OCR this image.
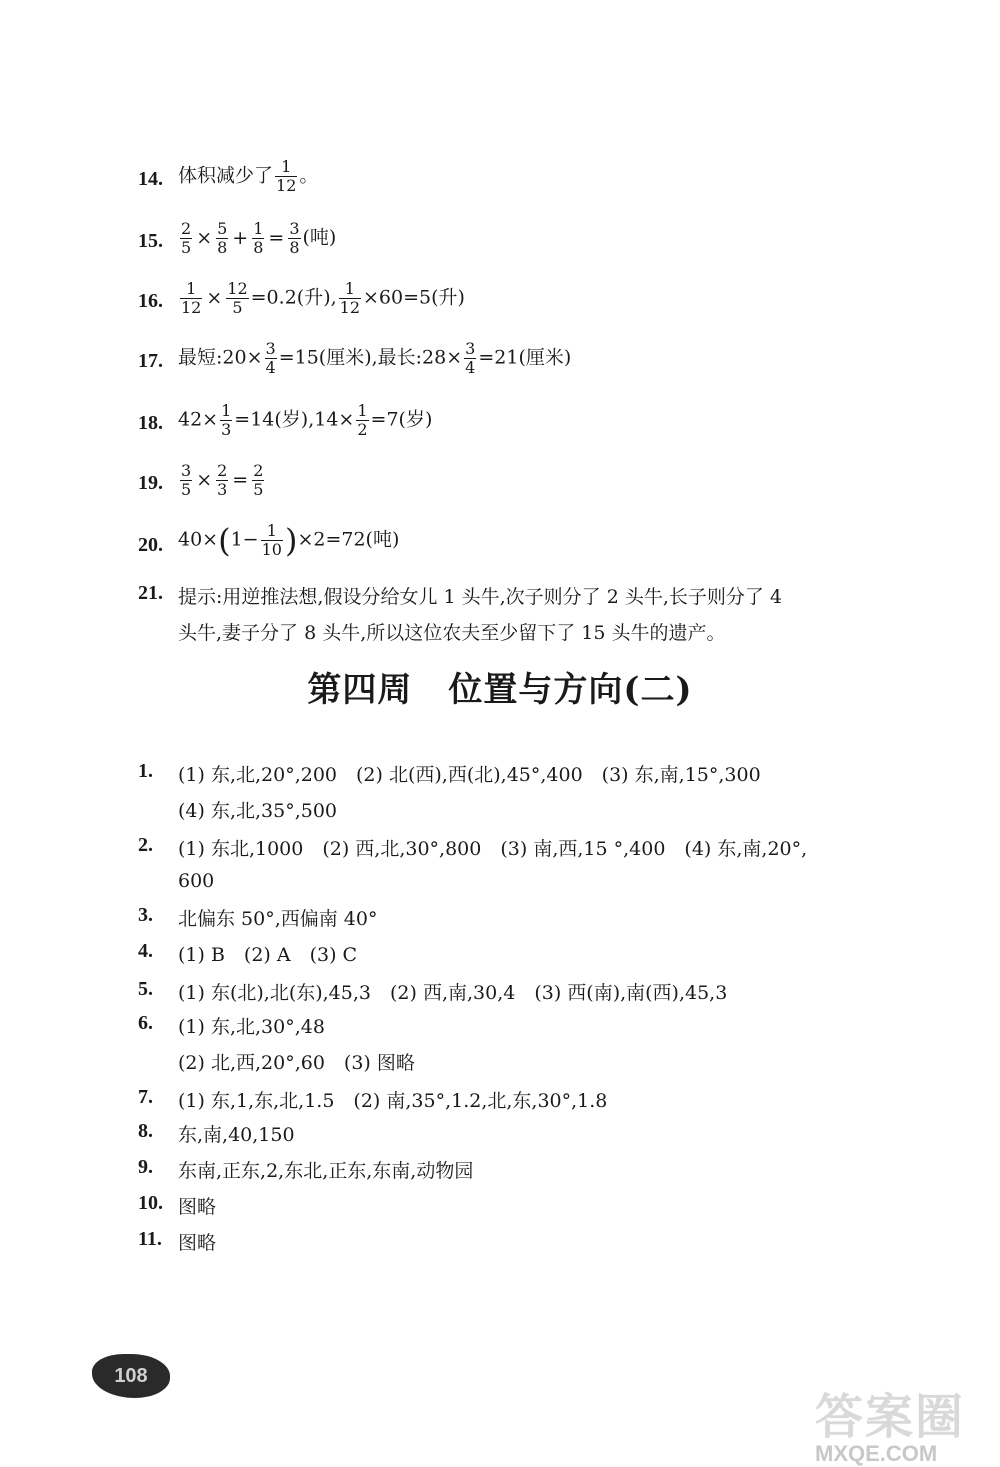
14. 体积减少了 $\frac{1}{12}$ 。
15. $\frac{2}{5} \times \frac{5}{8} + \frac{1}{8} = \frac{3}{8}$ (吨)
16. $\frac{1}{12} \times \frac{12}{5} =0.2$(升), $\frac{1}{12} \times 60=5$(升)
17. 最短:20× $\frac{3}{4} =15$(厘米),最长:28× $\frac{3}{4} =21$(厘米)
18. $42\times \frac{1}{3} =14$(岁)$,14\times \frac{1}{2} =7$(岁)
19. $\frac{3}{5} \times \frac{2}{3} = \frac{2}{5}$
20. $40\times(1- \frac{1}{10} )\times 2=72$(吨)
21. 提示:用逆推法想,假设分给女儿 1 头牛,次子则分了 2 头牛,长子则分了 4
头牛,妻子分了 8 头牛,所以这位农夫至少留下了 15 头牛的遗产。
第四周 位置与方向(二)
1. (1) 东,北,20°,200　(2) 北(西),西(北),45°,400　(3) 东,南,15°,300
(4) 东,北,35°,500
2. (1) 东北,1000　(2) 西,北,30°,800　(3) 南,西,15 °,400　(4) 东,南,20°,
600
3. 北偏东 50°,西偏南 40°
4. (1) B　(2) A　(3) C
5. (1) 东(北),北(东),45,3　(2) 西,南,30,4　(3) 西(南),南(西),45,3
6. (1) 东,北,30°,48
(2) 北,西,20°,60　(3) 图略
7. (1) 东,1,东,北,1.5　(2) 南,35°,1.2,北,东,30°,1.8
8. 东,南,40,150
9. 东南,正东,2,东北,正东,东南,动物园
10. 图略
11. 图略
108
答案圈
MXQE.COM
